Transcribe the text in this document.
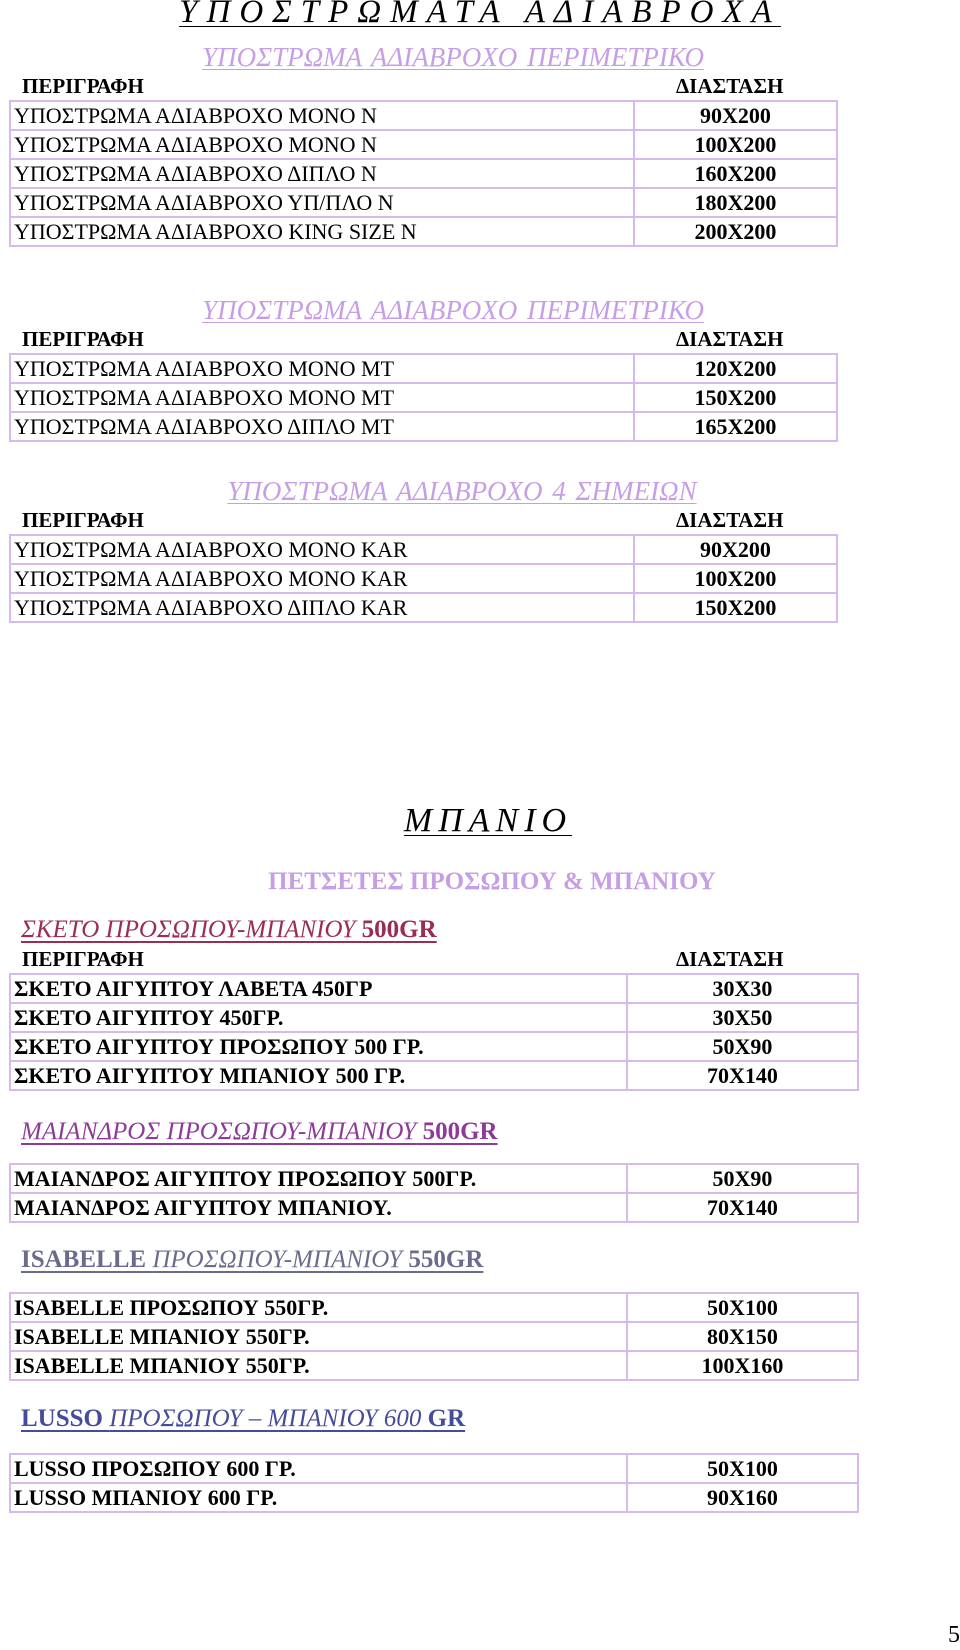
ΥΠΟΣΤΡΩΜΑΤΑ ΑΔΙΑΒΡΟΧΑ
ΥΠΟΣΤΡΩΜΑ ΑΔΙΑΒΡΟΧΟ ΠΕΡΙΜΕΤΡΙΚΟ
ΠΕΡΙΓΡΑΦΗ	ΔΙΑΣΤΑΣΗ
ΥΠΟΣΤΡΩΜΑ ΑΔΙΑΒΡΟΧΟ ΜΟΝΟ Ν	90Χ200
ΥΠΟΣΤΡΩΜΑ ΑΔΙΑΒΡΟΧΟ ΜΟΝΟ Ν	100Χ200
ΥΠΟΣΤΡΩΜΑ ΑΔΙΑΒΡΟΧΟ ΔΙΠΛΟ Ν	160Χ200
ΥΠΟΣΤΡΩΜΑ ΑΔΙΑΒΡΟΧΟ ΥΠ/ΠΛΟ Ν	180Χ200
ΥΠΟΣΤΡΩΜΑ ΑΔΙΑΒΡΟΧΟ KING SIZE N	200Χ200
ΥΠΟΣΤΡΩΜΑ ΑΔΙΑΒΡΟΧΟ ΠΕΡΙΜΕΤΡΙΚΟ
ΠΕΡΙΓΡΑΦΗ	ΔΙΑΣΤΑΣΗ
ΥΠΟΣΤΡΩΜΑ ΑΔΙΑΒΡΟΧΟ ΜΟΝΟ ΜΤ	120Χ200
ΥΠΟΣΤΡΩΜΑ ΑΔΙΑΒΡΟΧΟ ΜΟΝΟ ΜΤ	150Χ200
ΥΠΟΣΤΡΩΜΑ ΑΔΙΑΒΡΟΧΟ ΔΙΠΛΟ ΜΤ	165Χ200
ΥΠΟΣΤΡΩΜΑ ΑΔΙΑΒΡΟΧΟ 4 ΣΗΜΕΙΩΝ
ΠΕΡΙΓΡΑΦΗ	ΔΙΑΣΤΑΣΗ
ΥΠΟΣΤΡΩΜΑ ΑΔΙΑΒΡΟΧΟ ΜΟΝΟ KAR	90Χ200
ΥΠΟΣΤΡΩΜΑ ΑΔΙΑΒΡΟΧΟ ΜΟΝΟ KAR	100Χ200
ΥΠΟΣΤΡΩΜΑ ΑΔΙΑΒΡΟΧΟ ΔΙΠΛΟ KAR	150Χ200
ΜΠΑΝΙΟ
ΠΕΤΣΕΤΕΣ ΠΡΟΣΩΠΟΥ & ΜΠΑΝΙΟΥ
ΣΚΕΤΟ ΠΡΟΣΩΠΟΥ-ΜΠΑΝΙΟΥ 500GR
ΠΕΡΙΓΡΑΦΗ	ΔΙΑΣΤΑΣΗ
ΣΚΕΤΟ ΑΙΓΥΠΤΟΥ ΛΑΒΕΤΑ 450ΓΡ	30Χ30
ΣΚΕΤΟ ΑΙΓΥΠΤΟΥ 450ΓΡ.	30Χ50
ΣΚΕΤΟ ΑΙΓΥΠΤΟΥ ΠΡΟΣΩΠΟΥ 500 ΓΡ.	50Χ90
ΣΚΕΤΟ ΑΙΓΥΠΤΟΥ ΜΠΑΝΙΟΥ 500 ΓΡ.	70Χ140
ΜΑΙΑΝΔΡΟΣ ΠΡΟΣΩΠΟΥ-ΜΠΑΝΙΟΥ 500GR
ΜΑΙΑΝΔΡΟΣ ΑΙΓΥΠΤΟΥ ΠΡΟΣΩΠΟΥ 500ΓΡ.	50Χ90
ΜΑΙΑΝΔΡΟΣ ΑΙΓΥΠΤΟΥ ΜΠΑΝΙΟΥ.	70Χ140
ISABELLE ΠΡΟΣΩΠΟΥ-ΜΠΑΝΙΟΥ 550GR
ISABELLE ΠΡΟΣΩΠΟΥ 550ΓΡ.	50Χ100
ISABELLE ΜΠΑΝΙΟΥ 550ΓΡ.	80Χ150
ISABELLE ΜΠΑΝΙΟΥ 550ΓΡ.	100Χ160
LUSSO ΠΡΟΣΩΠΟΥ – ΜΠΑΝΙΟΥ 600 GR
LUSSO ΠΡΟΣΩΠΟΥ 600 ΓΡ.	50Χ100
LUSSO ΜΠΑΝΙΟΥ 600 ΓΡ.	90Χ160
5
